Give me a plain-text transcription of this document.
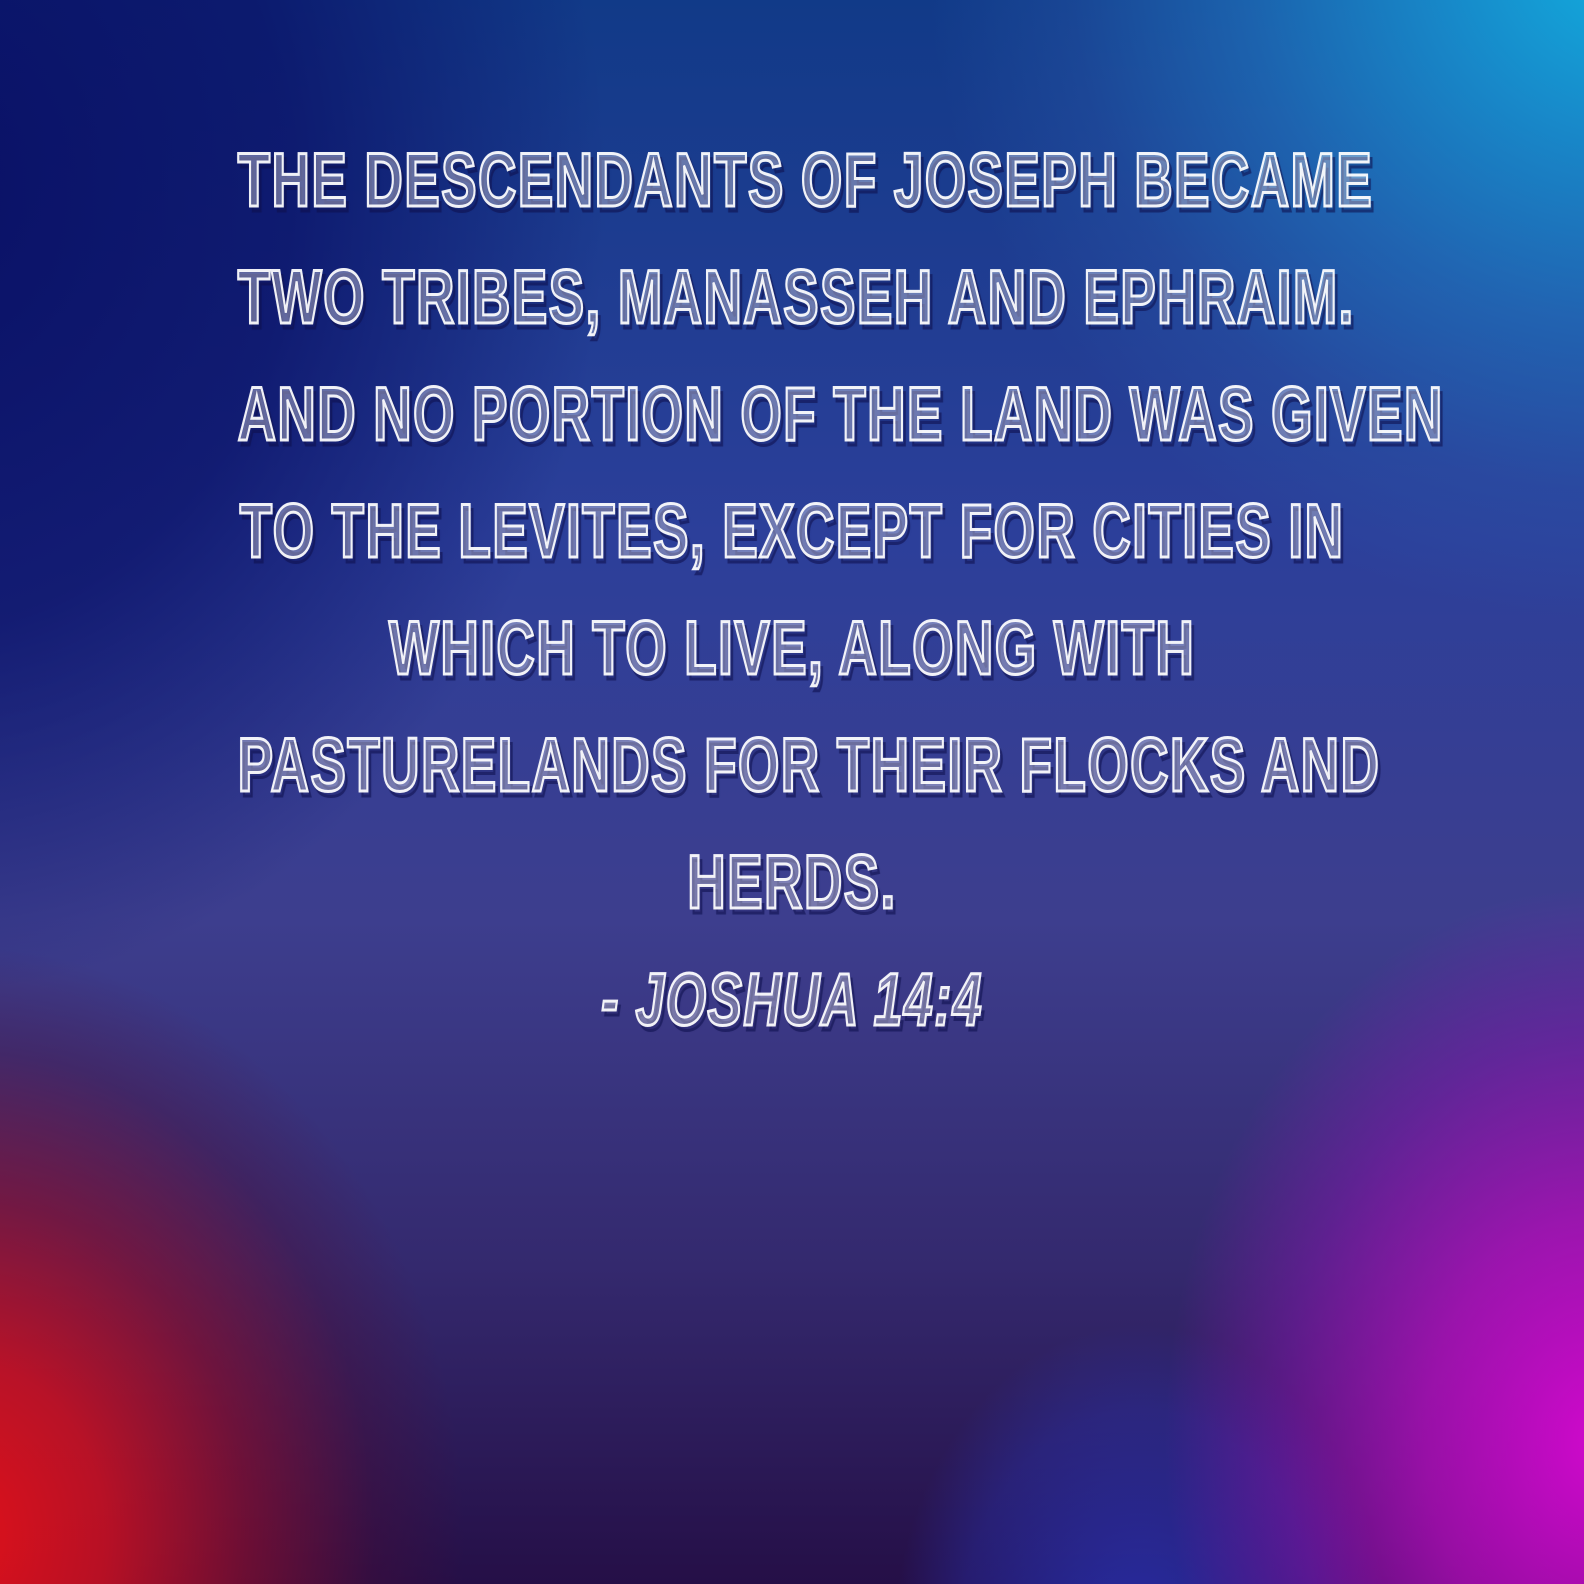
THE DESCENDANTS OF JOSEPH BECAME
TWO TRIBES, MANASSEH AND EPHRAIM.
AND NO PORTION OF THE LAND WAS GIVEN
TO THE LEVITES, EXCEPT FOR CITIES IN
WHICH TO LIVE, ALONG WITH
PASTURELANDS FOR THEIR FLOCKS AND
HERDS.
- JOSHUA 14:4
